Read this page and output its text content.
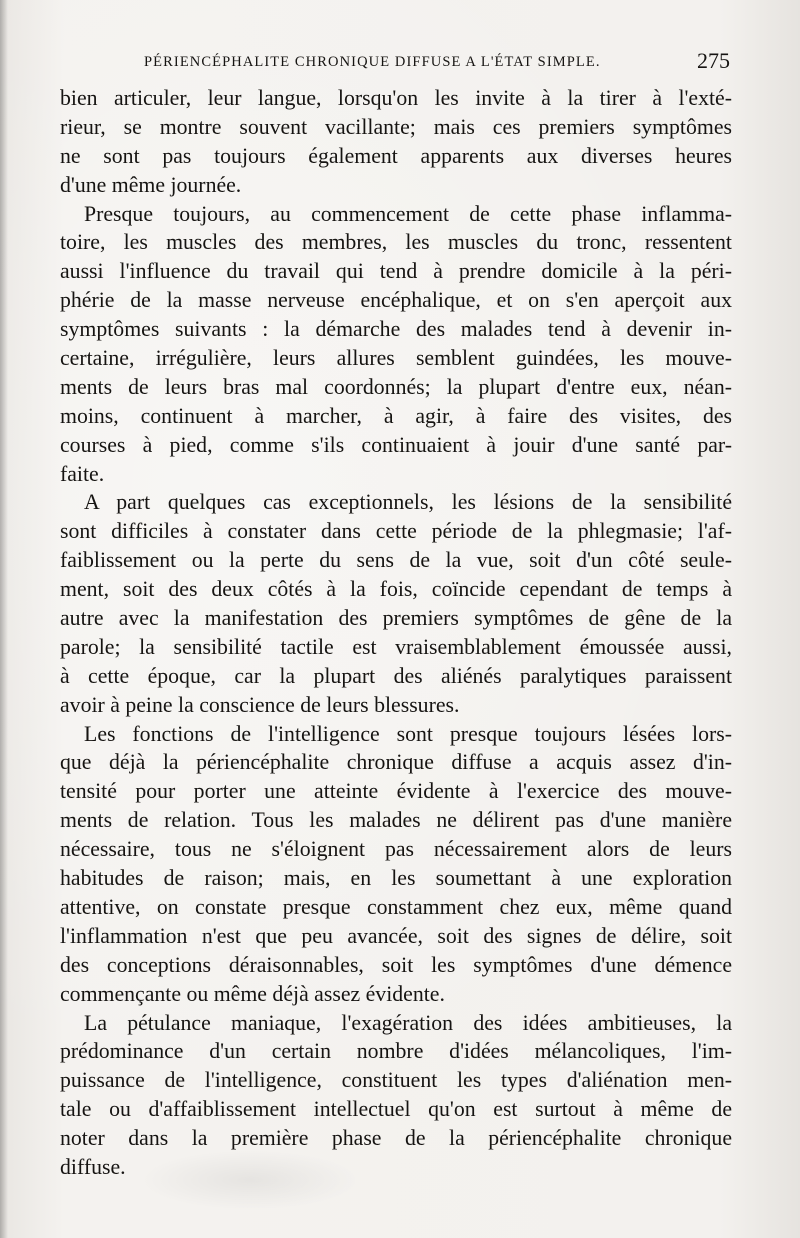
PÉRIENCÉPHALITE CHRONIQUE DIFFUSE A L'ÉTAT SIMPLE.	275
bien articuler, leur langue, lorsqu'on les invite à la tirer à l'exté-
rieur, se montre souvent vacillante; mais ces premiers symptômes
ne sont pas toujours également apparents aux diverses heures
d'une même journée.
Presque toujours, au commencement de cette phase inflamma-
toire, les muscles des membres, les muscles du tronc, ressentent
aussi l'influence du travail qui tend à prendre domicile à la péri-
phérie de la masse nerveuse encéphalique, et on s'en aperçoit aux
symptômes suivants : la démarche des malades tend à devenir in-
certaine, irrégulière, leurs allures semblent guindées, les mouve-
ments de leurs bras mal coordonnés; la plupart d'entre eux, néan-
moins, continuent à marcher, à agir, à faire des visites, des
courses à pied, comme s'ils continuaient à jouir d'une santé par-
faite.
A part quelques cas exceptionnels, les lésions de la sensibilité
sont difficiles à constater dans cette période de la phlegmasie; l'af-
faiblissement ou la perte du sens de la vue, soit d'un côté seule-
ment, soit des deux côtés à la fois, coïncide cependant de temps à
autre avec la manifestation des premiers symptômes de gêne de la
parole; la sensibilité tactile est vraisemblablement émoussée aussi,
à cette époque, car la plupart des aliénés paralytiques paraissent
avoir à peine la conscience de leurs blessures.
Les fonctions de l'intelligence sont presque toujours lésées lors-
que déjà la périencéphalite chronique diffuse a acquis assez d'in-
tensité pour porter une atteinte évidente à l'exercice des mouve-
ments de relation. Tous les malades ne délirent pas d'une manière
nécessaire, tous ne s'éloignent pas nécessairement alors de leurs
habitudes de raison; mais, en les soumettant à une exploration
attentive, on constate presque constamment chez eux, même quand
l'inflammation n'est que peu avancée, soit des signes de délire, soit
des conceptions déraisonnables, soit les symptômes d'une démence
commençante ou même déjà assez évidente.
La pétulance maniaque, l'exagération des idées ambitieuses, la
prédominance d'un certain nombre d'idées mélancoliques, l'im-
puissance de l'intelligence, constituent les types d'aliénation men-
tale ou d'affaiblissement intellectuel qu'on est surtout à même de
noter dans la première phase de la périencéphalite chronique
diffuse.
